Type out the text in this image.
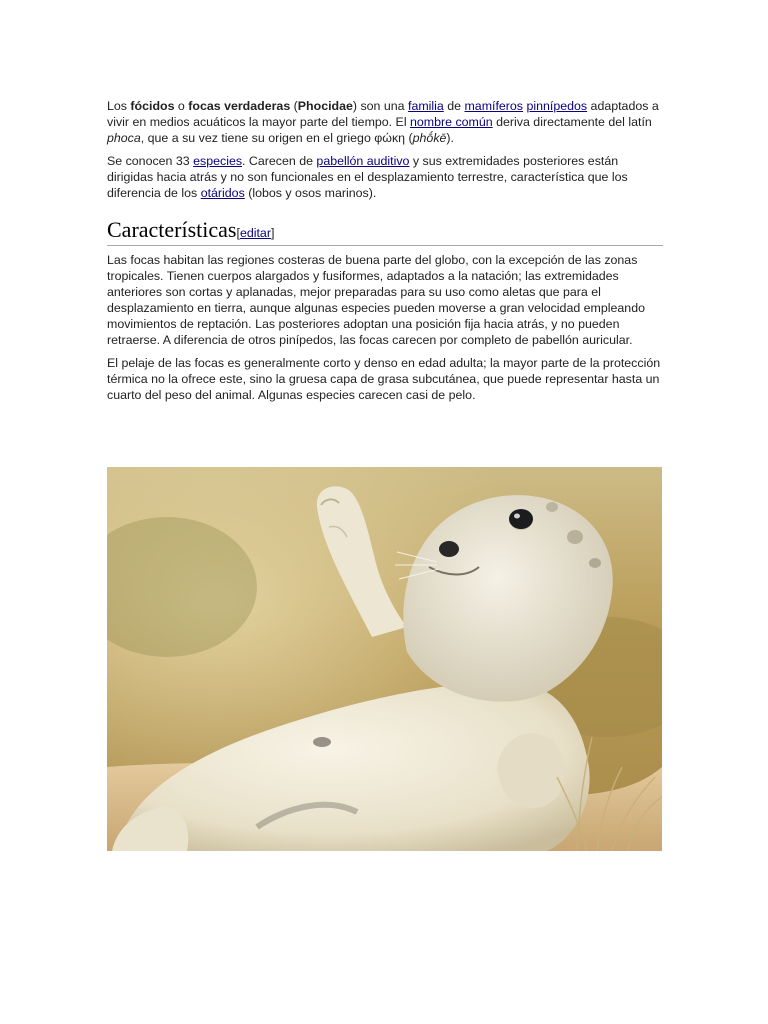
Los fócidos o focas verdaderas (Phocidae) son una familia de mamíferos pinnípedos adaptados a vivir en medios acuáticos la mayor parte del tiempo. El nombre común deriva directamente del latín phoca, que a su vez tiene su origen en el griego φώκη (phṓkē).

Se conocen 33 especies. Carecen de pabellón auditivo y sus extremidades posteriores están dirigidas hacia atrás y no son funcionales en el desplazamiento terrestre, característica que los diferencia de los otáridos (lobos y osos marinos).

Características [editar]

Las focas habitan las regiones costeras de buena parte del globo, con la excepción de las zonas tropicales. Tienen cuerpos alargados y fusiformes, adaptados a la natación; las extremidades anteriores son cortas y aplanadas, mejor preparadas para su uso como aletas que para el desplazamiento en tierra, aunque algunas especies pueden moverse a gran velocidad empleando movimientos de reptación. Las posteriores adoptan una posición fija hacia atrás, y no pueden retraerse. A diferencia de otros pinípedos, las focas carecen por completo de pabellón auricular.

El pelaje de las focas es generalmente corto y denso en edad adulta; la mayor parte de la protección térmica no la ofrece este, sino la gruesa capa de grasa subcutánea, que puede representar hasta un cuarto del peso del animal. Algunas especies carecen casi de pelo.
